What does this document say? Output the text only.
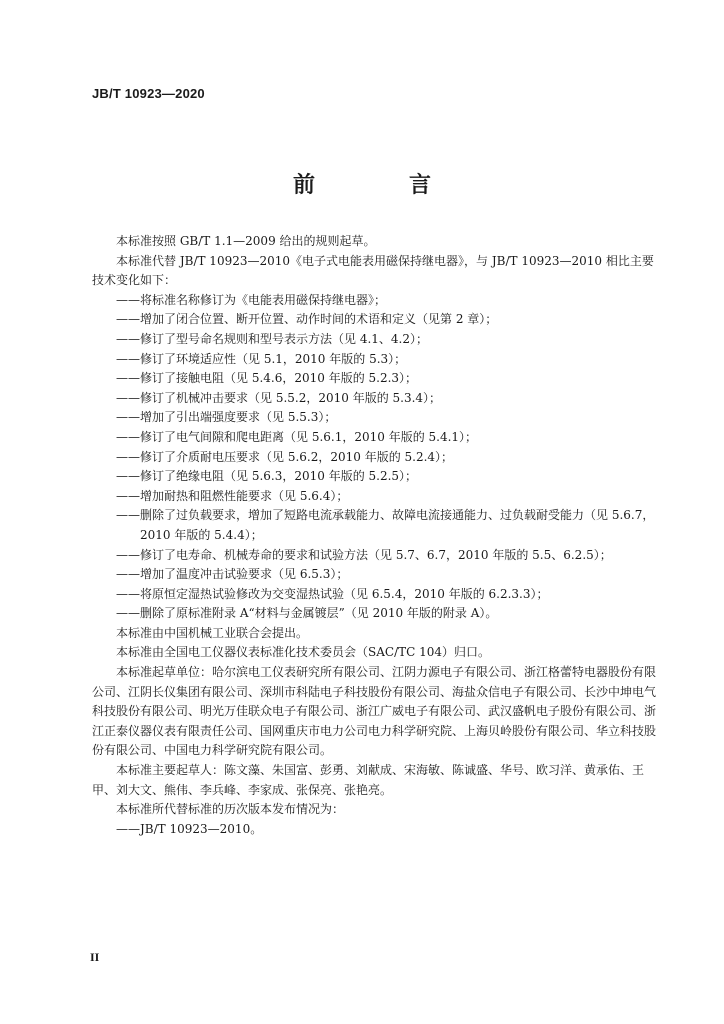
JB/T 10923—2020
前　言

本标准按照 GB/T 1.1—2009 给出的规则起草。

本标准代替 JB/T 10923—2010《电子式电能表用磁保持继电器》，与 JB/T 10923—2010 相比主要技术变化如下：

——将标准名称修订为《电能表用磁保持继电器》；

——增加了闭合位置、断开位置、动作时间的术语和定义（见第 2 章）；

——修订了型号命名规则和型号表示方法（见 4.1、4.2）；

——修订了环境适应性（见 5.1，2010 年版的 5.3）；

——修订了接触电阻（见 5.4.6，2010 年版的 5.2.3）；

——修订了机械冲击要求（见 5.5.2，2010 年版的 5.3.4）；

——增加了引出端强度要求（见 5.5.3）；

——修订了电气间隙和爬电距离（见 5.6.1，2010 年版的 5.4.1）；

——修订了介质耐电压要求（见 5.6.2，2010 年版的 5.2.4）；

——修订了绝缘电阻（见 5.6.3，2010 年版的 5.2.5）；

——增加耐热和阻燃性能要求（见 5.6.4）；

——删除了过负载要求，增加了短路电流承载能力、故障电流接通能力、过负载耐受能力（见 5.6.7，2010 年版的 5.4.4）；

——修订了电寿命、机械寿命的要求和试验方法（见 5.7、6.7，2010 年版的 5.5、6.2.5）；

——增加了温度冲击试验要求（见 6.5.3）；

——将原恒定湿热试验修改为交变湿热试验（见 6.5.4，2010 年版的 6.2.3.3）；

——删除了原标准附录 A“材料与金属镀层”（见 2010 年版的附录 A）。

本标准由中国机械工业联合会提出。

本标准由全国电工仪器仪表标准化技术委员会（SAC/TC 104）归口。

本标准起草单位：哈尔滨电工仪表研究所有限公司、江阴力源电子有限公司、浙江格蕾特电器股份有限公司、江阴长仪集团有限公司、深圳市科陆电子科技股份有限公司、海盐众信电子有限公司、长沙中坤电气科技股份有限公司、明光万佳联众电子有限公司、浙江广威电子有限公司、武汉盛帆电子股份有限公司、浙江正泰仪器仪表有限责任公司、国网重庆市电力公司电力科学研究院、上海贝岭股份有限公司、华立科技股份有限公司、中国电力科学研究院有限公司。

本标准主要起草人：陈文藻、朱国富、彭勇、刘献成、宋海敏、陈诚盛、华号、欧习洋、黄承佑、王甲、刘大文、熊伟、李兵峰、李家成、张保亮、张艳亮。

本标准所代替标准的历次版本发布情况为：

——JB/T 10923—2010。

II
